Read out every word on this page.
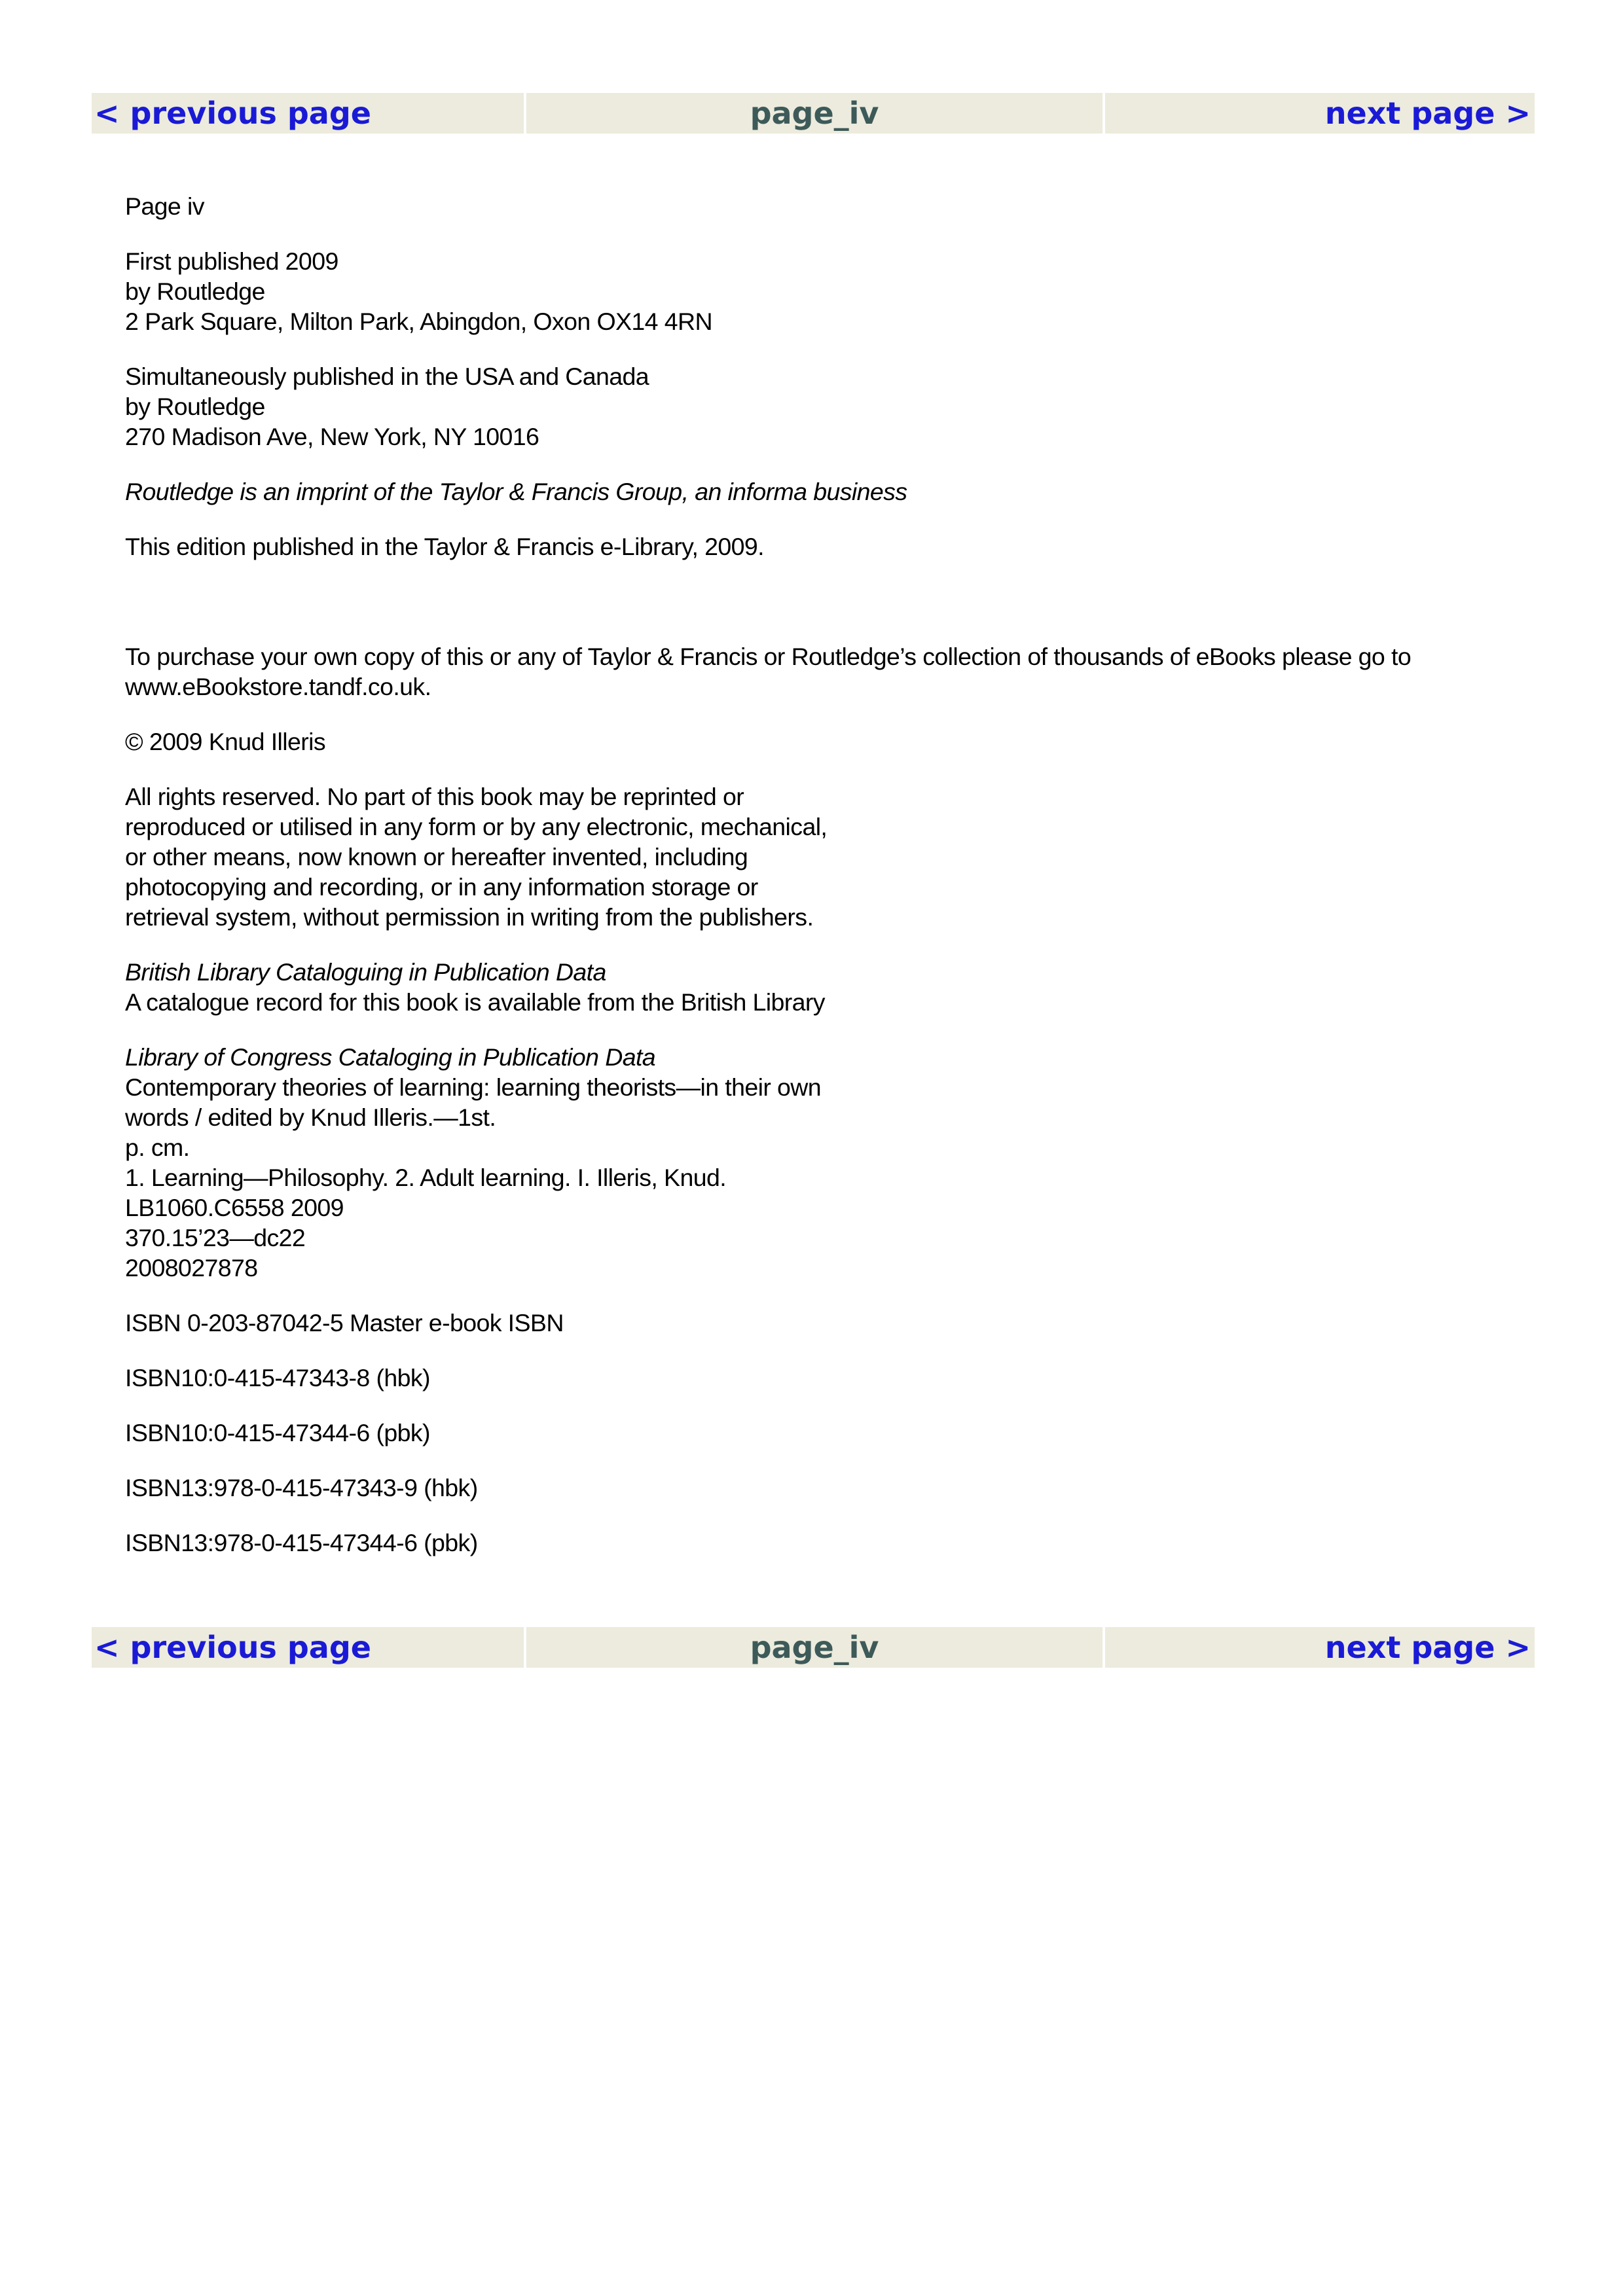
< previous page	page_iv	next page >

Page iv

First published 2009
by Routledge
2 Park Square, Milton Park, Abingdon, Oxon OX14 4RN

Simultaneously published in the USA and Canada
by Routledge
270 Madison Ave, New York, NY 10016

Routledge is an imprint of the Taylor & Francis Group, an informa business

This edition published in the Taylor & Francis e-Library, 2009.

To purchase your own copy of this or any of Taylor & Francis or Routledge’s collection of thousands of eBooks please go to
www.eBookstore.tandf.co.uk.

© 2009 Knud Illeris

All rights reserved. No part of this book may be reprinted or
reproduced or utilised in any form or by any electronic, mechanical,
or other means, now known or hereafter invented, including
photocopying and recording, or in any information storage or
retrieval system, without permission in writing from the publishers.

British Library Cataloguing in Publication Data
A catalogue record for this book is available from the British Library

Library of Congress Cataloging in Publication Data
Contemporary theories of learning: learning theorists—in their own
words / edited by Knud Illeris.—1st.
p. cm.
1. Learning—Philosophy. 2. Adult learning. I. Illeris, Knud.
LB1060.C6558 2009
370.15’23—dc22
2008027878

ISBN 0-203-87042-5 Master e-book ISBN

ISBN10:0-415-47343-8 (hbk)

ISBN10:0-415-47344-6 (pbk)

ISBN13:978-0-415-47343-9 (hbk)

ISBN13:978-0-415-47344-6 (pbk)

< previous page	page_iv	next page >
